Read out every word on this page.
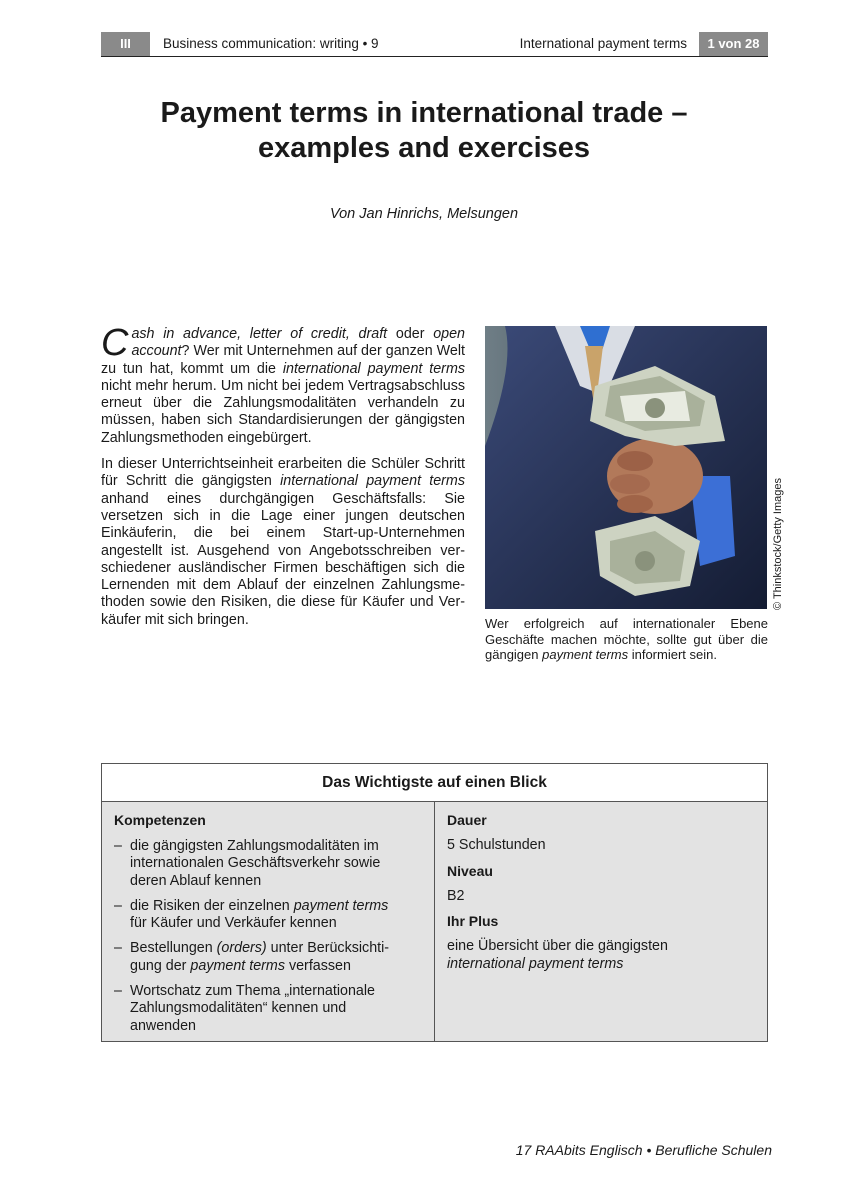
III	Business communication: writing • 9	International payment terms	1 von 28
Payment terms in international trade –
examples and exercises
Von Jan Hinrichs, Melsungen

Cash in advance, letter of credit, draft oder open account? Wer mit Unternehmen auf der ganzen Welt zu tun hat, kommt um die international payment terms nicht mehr herum. Um nicht bei jedem Vertragsabschluss erneut über die Zahlungsmodalitäten verhandeln zu müssen, haben sich Standardisierungen der gängigsten Zahlungsmethoden eingebürgert.

In dieser Unterrichtseinheit erarbeiten die Schüler Schritt für Schritt die gängigsten international payment terms anhand eines durchgängigen Geschäftsfalls: Sie versetzen sich in die Lage einer jungen deutschen Einkäuferin, die bei einem Start-up-Unternehmen angestellt ist. Ausgehend von Angebotsschreiben verschiedener ausländischer Firmen beschäftigen sich die Lernenden mit dem Ablauf der einzelnen Zahlungsmethoden sowie den Risiken, die diese für Käufer und Verkäufer mit sich bringen.

© Thinkstock/Getty Images
Wer erfolgreich auf internationaler Ebene Geschäfte machen möchte, sollte gut über die gängigen payment terms informiert sein.
Das Wichtigste auf einen Blick
Kompetenzen
– die gängigsten Zahlungsmodalitäten im internationalen Geschäftsverkehr sowie deren Ablauf kennen
– die Risiken der einzelnen payment terms für Käufer und Verkäufer kennen
– Bestellungen (orders) unter Berücksichtigung der payment terms verfassen
– Wortschatz zum Thema „internationale Zahlungsmodalitäten“ kennen und anwenden
Dauer
5 Schulstunden
Niveau
B2
Ihr Plus
eine Übersicht über die gängigsten international payment terms
17 RAAbits Englisch • Berufliche Schulen
